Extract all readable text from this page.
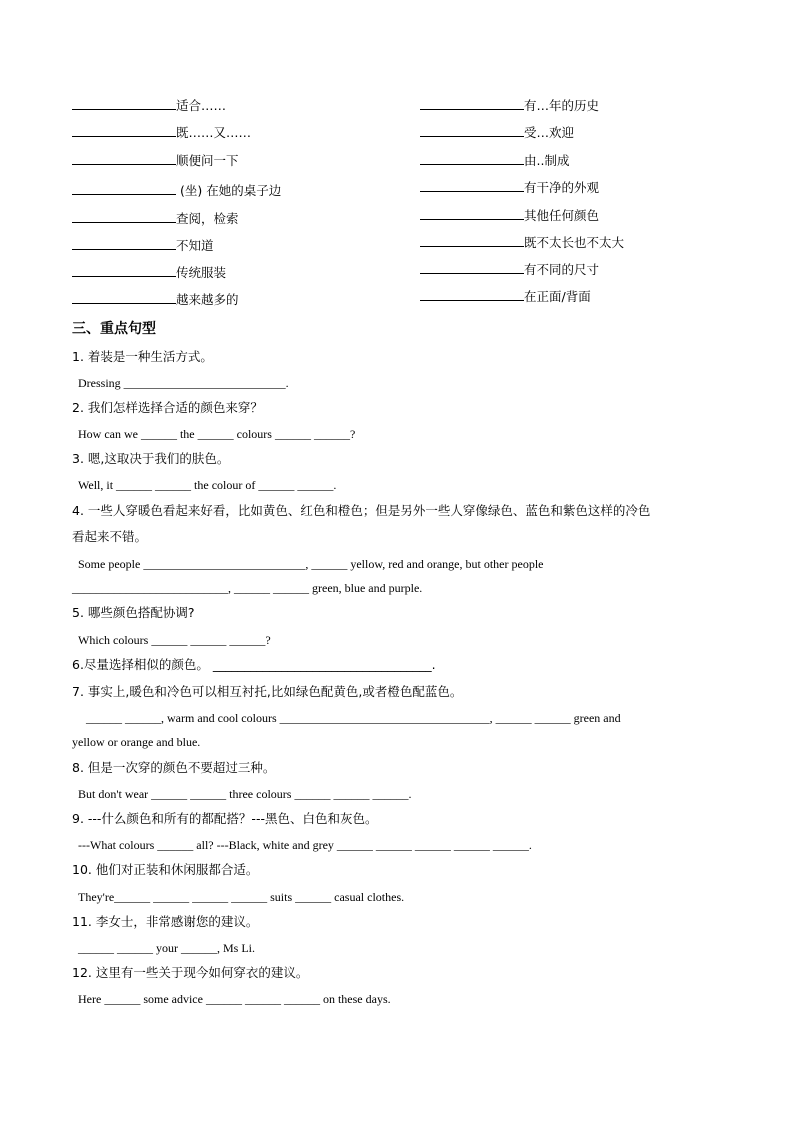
适合……
既……又……
顺便问一下
(坐) 在她的桌子边
查阅，检索
不知道
传统服装
越来越多的
有…年的历史
受…欢迎
由..制成
有干净的外观
其他任何颜色
既不太长也不太大
有不同的尺寸
在正面/背面
三、重点句型
1. 着装是一种生活方式。
Dressing ___________________________.
2. 我们怎样选择合适的颜色来穿？
How can we ______ the ______ colours ______ ______?
3. 嗯,这取决于我们的肤色。
Well, it ______ ______ the colour of ______ ______.
4. 一些人穿暖色看起来好看，比如黄色、红色和橙色；但是另外一些人穿像绿色、蓝色和紫色这样的冷色
看起来不错。
Some people ___________________________, ______ yellow, red and orange, but other people
__________________________, ______ ______ green, blue and purple.
5. 哪些颜色搭配协调?
Which colours ______ ______ ______?
6.尽量选择相似的颜色。 ___________________________________.
7. 事实上,暖色和冷色可以相互衬托,比如绿色配黄色,或者橙色配蓝色。
______ ______, warm and cool colours ___________________________________, ______ ______ green and
yellow or orange and blue.
8. 但是一次穿的颜色不要超过三种。
But don't wear ______ ______ three colours ______ ______ ______.
9. ---什么颜色和所有的都配搭？---黑色、白色和灰色。
---What colours ______ all? ---Black, white and grey ______ ______ ______ ______ ______.
10. 他们对正装和休闲服都合适。
They're______ ______ ______ ______ suits ______ casual clothes.
11. 李女士，非常感谢您的建议。
______ ______ your ______, Ms Li.
12. 这里有一些关于现今如何穿衣的建议。
Here ______ some advice ______ ______ ______ on these days.
